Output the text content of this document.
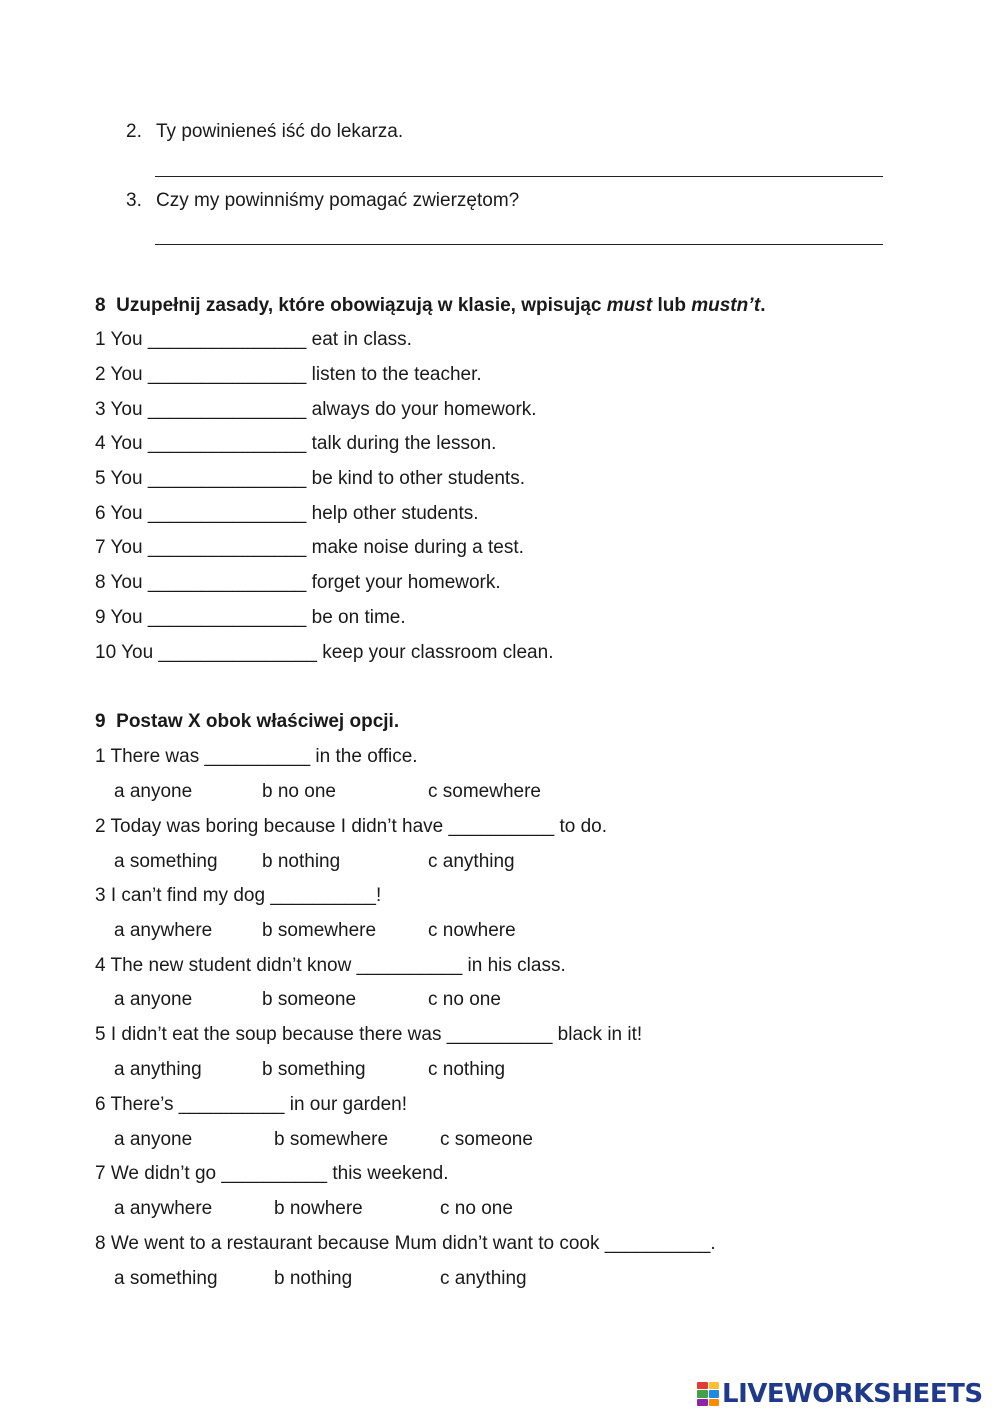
2. Ty powinieneś iść do lekarza.
3. Czy my powinniśmy pomagać zwierzętom?
8 Uzupełnij zasady, które obowiązują w klasie, wpisując must lub mustn’t.
1 You _______________ eat in class.
2 You _______________ listen to the teacher.
3 You _______________ always do your homework.
4 You _______________ talk during the lesson.
5 You _______________ be kind to other students.
6 You _______________ help other students.
7 You _______________ make noise during a test.
8 You _______________ forget your homework.
9 You _______________ be on time.
10 You _______________ keep your classroom clean.
9 Postaw X obok właściwej opcji.
1 There was __________ in the office.
a anyone	b no one	c somewhere
2 Today was boring because I didn’t have __________ to do.
a something b nothing	c anything
3 I can’t find my dog __________!
a anywhere	b somewhere	c nowhere
4 The new student didn’t know __________ in his class.
a anyone	b someone	c no one
5 I didn’t eat the soup because there was __________ black in it!
a anything	b something	c nothing
6 There’s __________ in our garden!
a anyone	b somewhere	c someone
7 We didn’t go __________ this weekend.
a anywhere	b nowhere	c no one
8 We went to a restaurant because Mum didn’t want to cook __________.
a something	b nothing	c anything
LIVEWORKSHEETS
